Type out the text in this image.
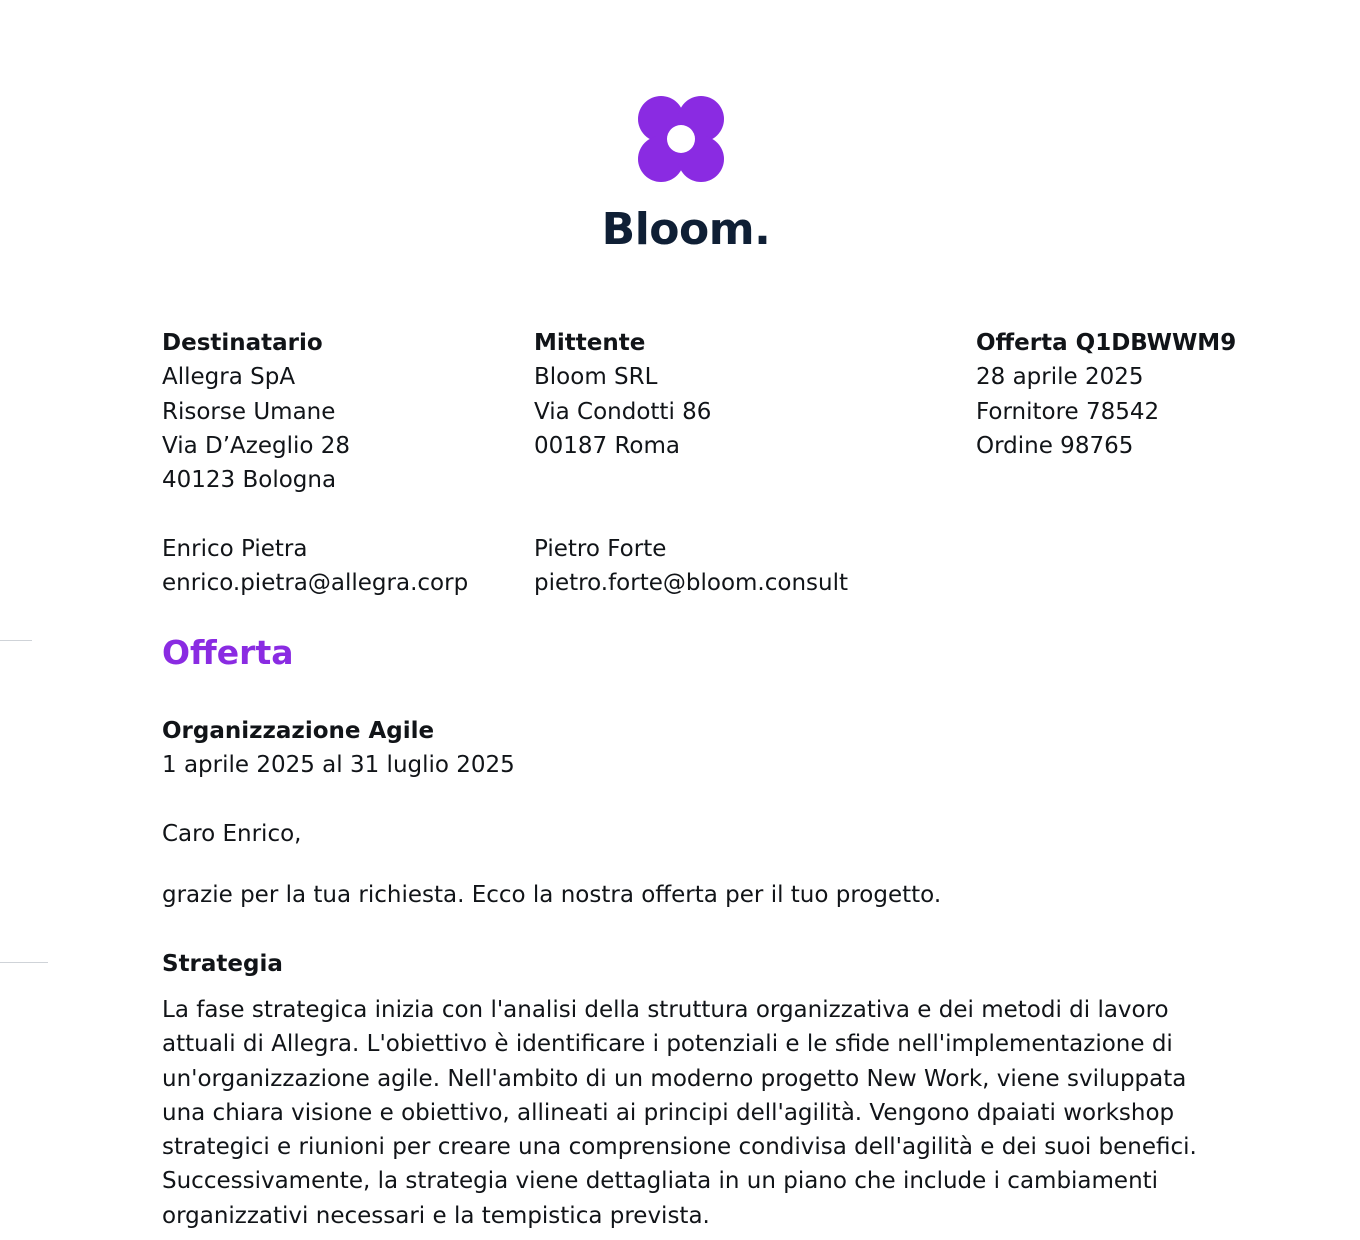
Bloom.
Destinatario
Allegra SpA
Risorse Umane
Via D’Azeglio 28
40123 Bologna
Enrico Pietra
enrico.pietra@allegra.corp
Mittente
Bloom SRL
Via Condotti 86
00187 Roma
Pietro Forte
pietro.forte@bloom.consult
Offerta Q1DBWWM9
28 aprile 2025
Fornitore 78542
Ordine 98765
Offerta
Organizzazione Agile
1 aprile 2025 al 31 luglio 2025
Caro Enrico,
grazie per la tua richiesta. Ecco la nostra offerta per il tuo progetto.
Strategia
La fase strategica inizia con l'analisi della struttura organizzativa e dei metodi di lavoro
attuali di Allegra. L'obiettivo è identificare i potenziali e le sfide nell'implementazione di
un'organizzazione agile. Nell'ambito di un moderno progetto New Work, viene sviluppata
una chiara visione e obiettivo, allineati ai principi dell'agilità. Vengono dpaiati workshop
strategici e riunioni per creare una comprensione condivisa dell'agilità e dei suoi benefici.
Successivamente, la strategia viene dettagliata in un piano che include i cambiamenti
organizzativi necessari e la tempistica prevista.
